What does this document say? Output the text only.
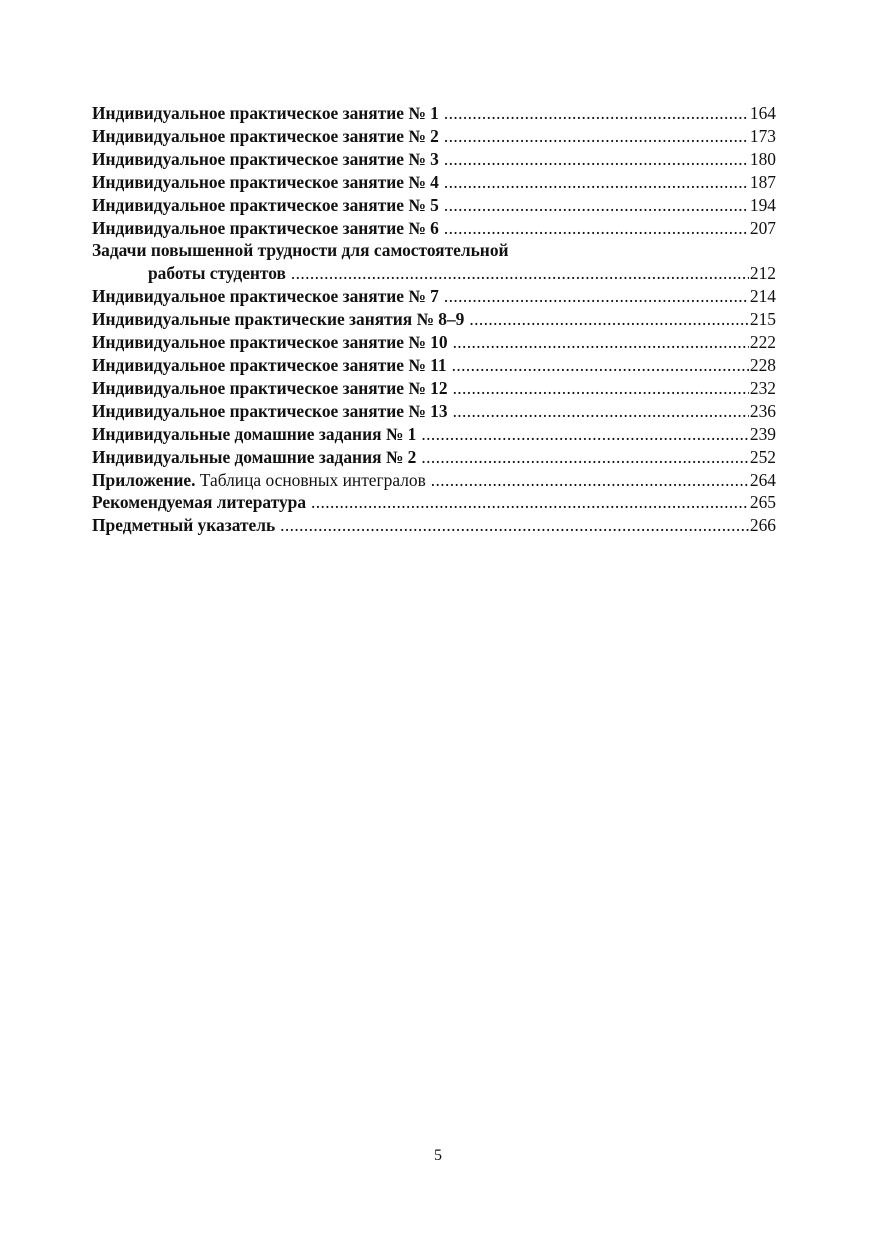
Индивидуальное практическое занятие № 1 .....	164
Индивидуальное практическое занятие № 2 .....	173
Индивидуальное практическое занятие № 3 .....	180
Индивидуальное практическое занятие № 4 .....	187
Индивидуальное практическое занятие № 5 .....	194
Индивидуальное практическое занятие № 6 .....	207
Задачи повышенной трудности для самостоятельной
работы студентов .....	212
Индивидуальное практическое занятие № 7 .....	214
Индивидуальные практические занятия № 8–9 .....	215
Индивидуальное практическое занятие № 10 .....	222
Индивидуальное практическое занятие № 11 .....	228
Индивидуальное практическое занятие № 12 .....	232
Индивидуальное практическое занятие № 13 .....	236
Индивидуальные домашние задания № 1 .....	239
Индивидуальные домашние задания № 2 .....	252
Приложение. Таблица основных интегралов .....	264
Рекомендуемая литература .....	265
Предметный указатель .....	266
5
